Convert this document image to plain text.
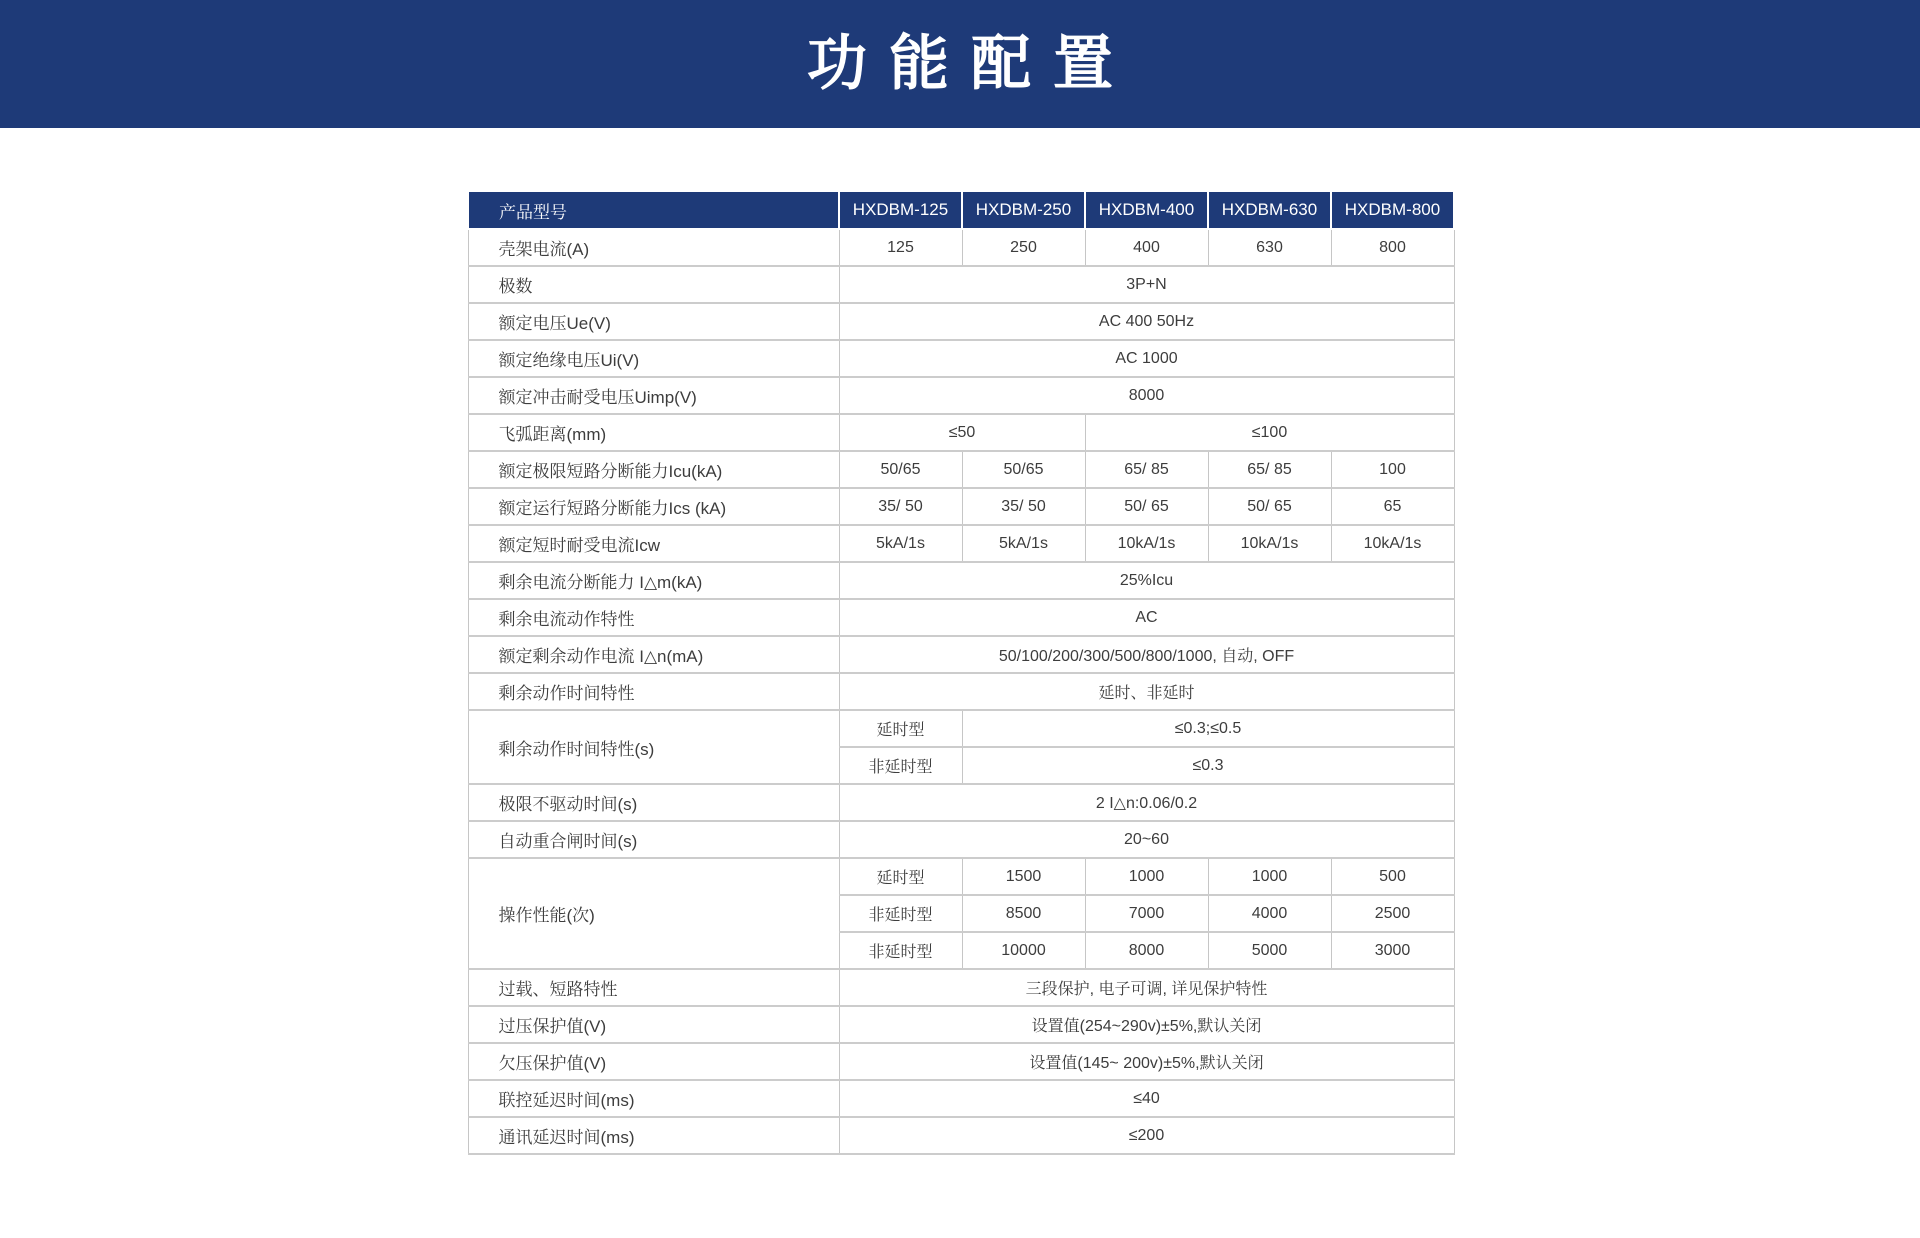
功能配置
产品型号	HXDBM-125	HXDBM-250	HXDBM-400	HXDBM-630	HXDBM-800
壳架电流(A)	125	250	400	630	800
极数	3P+N				
额定电压Ue(V)	AC 400 50Hz				
额定绝缘电压Ui(V)	AC 1000				
额定冲击耐受电压Uimp(V)	8000				
飞弧距离(mm)	≤50		≤100		
额定极限短路分断能力Icu(kA)	50/65	50/65	65/ 85	65/ 85	100
额定运行短路分断能力Ics (kA)	35/ 50	35/ 50	50/ 65	50/ 65	65
额定短时耐受电流Icw	5kA/1s	5kA/1s	10kA/1s	10kA/1s	10kA/1s
剩余电流分断能力 I△m(kA)	25%Icu				
剩余电流动作特性	AC				
额定剩余动作电流 I△n(mA)	50/100/200/300/500/800/1000, 自动, OFF				
剩余动作时间特性	延时、非延时				
剩余动作时间特性(s)	延时型	≤0.3;≤0.5			
	非延时型	≤0.3			
极限不驱动时间(s)	2 I△n:0.06/0.2				
自动重合闸时间(s)	20~60				
操作性能(次)	延时型	1500	1000	1000	500
	非延时型	8500	7000	4000	2500
	非延时型	10000	8000	5000	3000
过载、短路特性	三段保护, 电子可调, 详见保护特性				
过压保护值(V)	设置值(254~290v)±5%,默认关闭				
欠压保护值(V)	设置值(145~ 200v)±5%,默认关闭				
联控延迟时间(ms)	≤40				
通讯延迟时间(ms)	≤200				
